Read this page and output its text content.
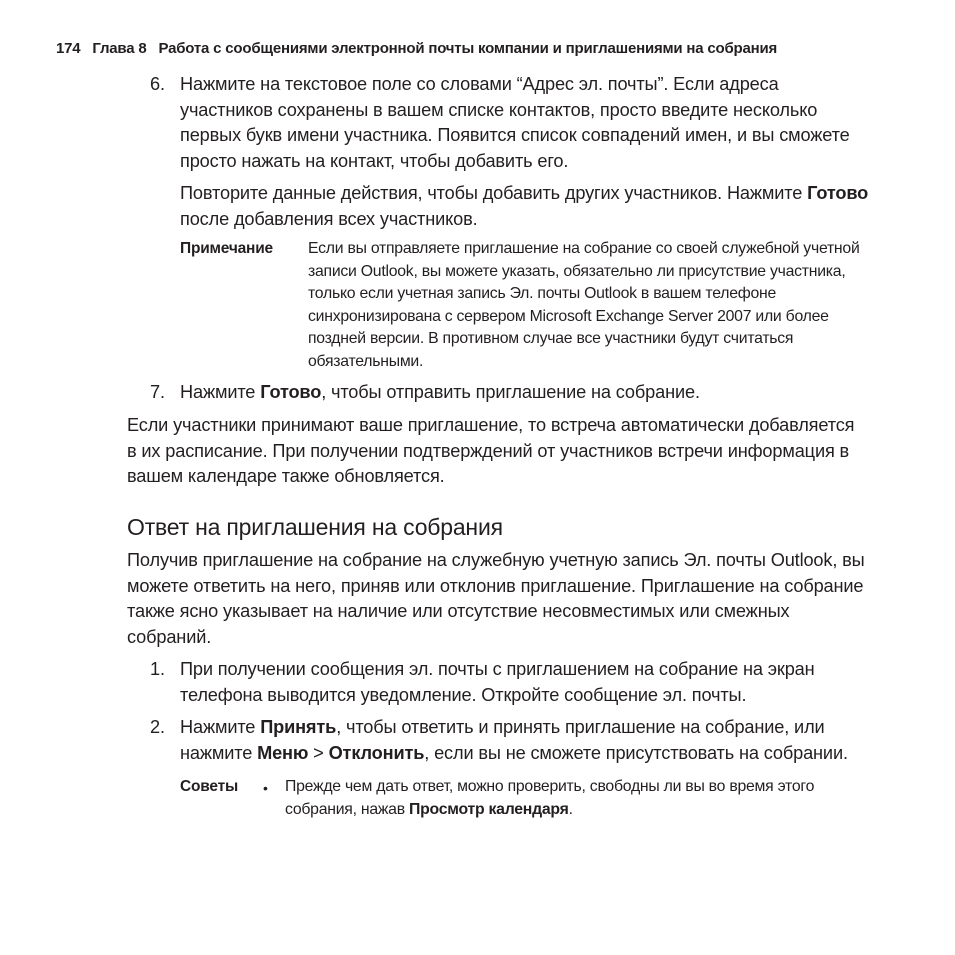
174 Глава 8 Работа с сообщениями электронной почты компании и приглашениями на собрания
6. Нажмите на текстовое поле со словами “Адрес эл. почты”. Если адреса участников сохранены в вашем списке контактов, просто введите несколько первых букв имени участника. Появится список совпадений имен, и вы сможете просто нажать на контакт, чтобы добавить его.
Повторите данные действия, чтобы добавить других участников. Нажмите Готово после добавления всех участников.
Примечание Если вы отправляете приглашение на собрание со своей служебной учетной записи Outlook, вы можете указать, обязательно ли присутствие участника, только если учетная запись Эл. почты Outlook в вашем телефоне синхронизирована с сервером Microsoft Exchange Server 2007 или более поздней версии. В противном случае все участники будут считаться обязательными.
7. Нажмите Готово, чтобы отправить приглашение на собрание.
Если участники принимают ваше приглашение, то встреча автоматически добавляется в их расписание. При получении подтверждений от участников встречи информация в вашем календаре также обновляется.
Ответ на приглашения на собрания
Получив приглашение на собрание на служебную учетную запись Эл. почты Outlook, вы можете ответить на него, приняв или отклонив приглашение. Приглашение на собрание также ясно указывает на наличие или отсутствие несовместимых или смежных собраний.
1. При получении сообщения эл. почты с приглашением на собрание на экран телефона выводится уведомление. Откройте сообщение эл. почты.
2. Нажмите Принять, чтобы ответить и принять приглашение на собрание, или нажмите Меню > Отклонить, если вы не сможете присутствовать на собрании.
Советы • Прежде чем дать ответ, можно проверить, свободны ли вы во время этого собрания, нажав Просмотр календаря.
